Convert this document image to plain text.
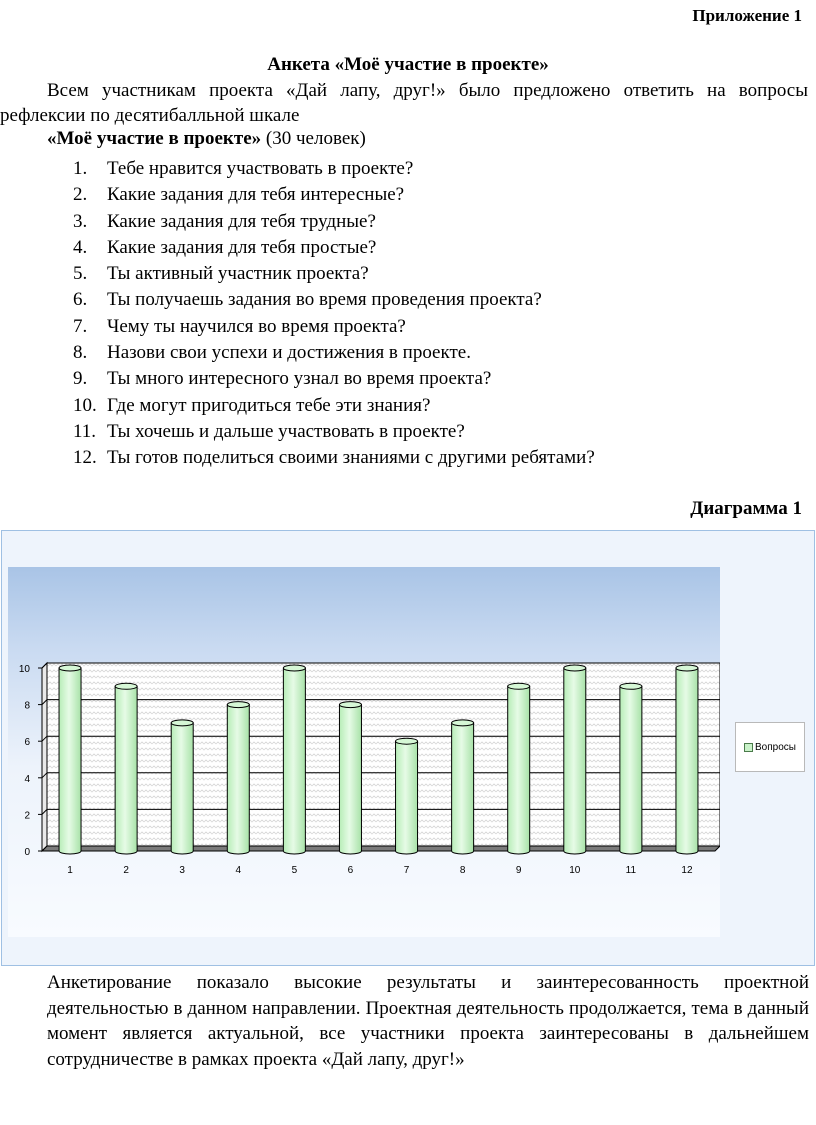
Приложение 1
Анкета «Моё участие в проекте»
Всем участникам проекта «Дай лапу, друг!» было предложено ответить на вопросы рефлексии по десятибалльной шкале
«Моё участие в проекте» (30 человек)
1. Тебе нравится участвовать в проекте?
2. Какие задания для тебя интересные?
3. Какие задания для тебя трудные?
4. Какие задания для тебя простые?
5. Ты активный участник проекта?
6. Ты получаешь задания во время проведения проекта?
7. Чему ты научился во время проекта?
8. Назови свои успехи и достижения в проекте.
9. Ты много интересного узнал во время проекта?
10. Где могут пригодиться тебе эти знания?
11. Ты хочешь и дальше участвовать в проекте?
12. Ты готов поделиться своими знаниями с другими ребятами?
Диаграмма 1
0
2
4
6
8
10
1	2	3	4	5	6	7	8	9	10	11	12
Вопросы
Анкетирование показало высокие результаты и заинтересованность проектной деятельностью в данном направлении. Проектная деятельность продолжается, тема в данный момент является актуальной, все участники проекта заинтересованы в дальнейшем сотрудничестве в рамках проекта «Дай лапу, друг!»
